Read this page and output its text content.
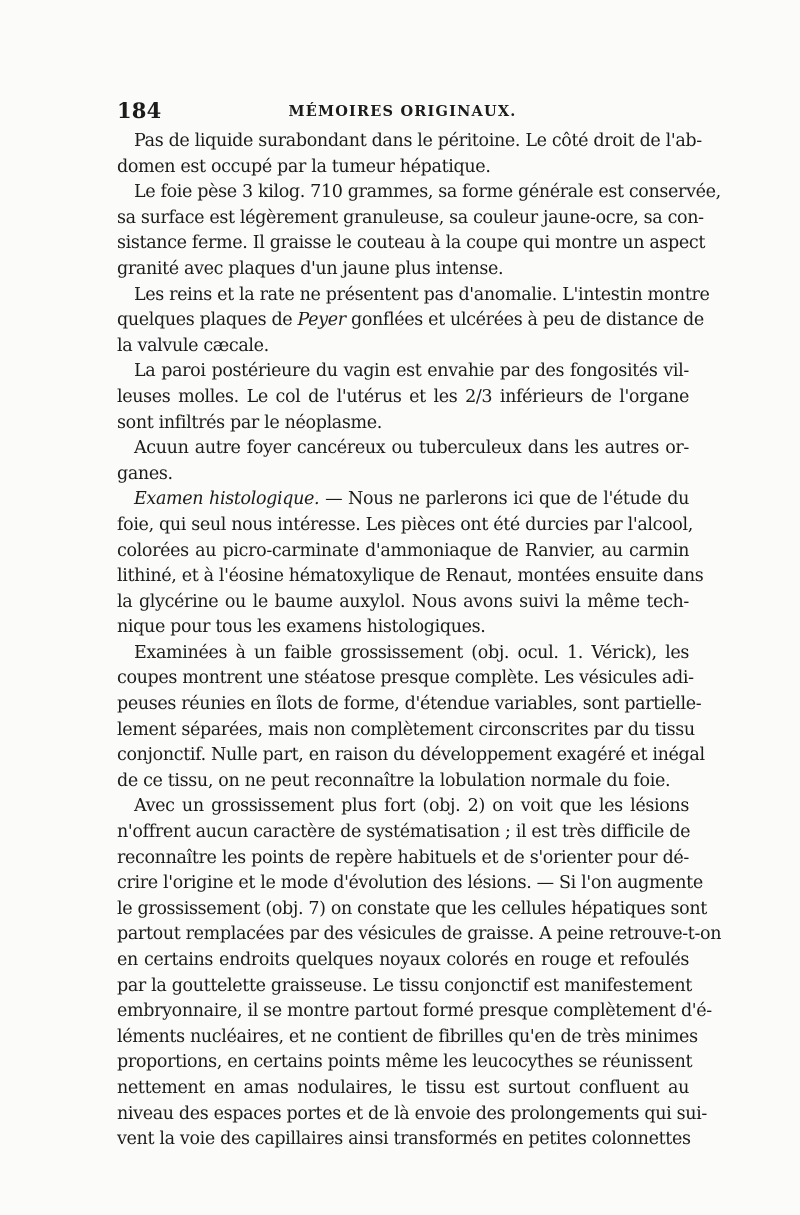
184	MÉMOIRES ORIGINAUX.
Pas de liquide surabondant dans le péritoine. Le côté droit de l'ab-
domen est occupé par la tumeur hépatique.
Le foie pèse 3 kilog. 710 grammes, sa forme générale est conservée,
sa surface est légèrement granuleuse, sa couleur jaune-ocre, sa con-
sistance ferme. Il graisse le couteau à la coupe qui montre un aspect
granité avec plaques d'un jaune plus intense.
Les reins et la rate ne présentent pas d'anomalie. L'intestin montre
quelques plaques de Peyer gonflées et ulcérées à peu de distance de
la valvule cæcale.
La paroi postérieure du vagin est envahie par des fongosités vil-
leuses molles. Le col de l'utérus et les 2/3 inférieurs de l'organe
sont infiltrés par le néoplasme.
Acuun autre foyer cancéreux ou tuberculeux dans les autres or-
ganes.
Examen histologique. — Nous ne parlerons ici que de l'étude du
foie, qui seul nous intéresse. Les pièces ont été durcies par l'alcool,
colorées au picro-carminate d'ammoniaque de Ranvier, au carmin
lithiné, et à l'éosine hématoxylique de Renaut, montées ensuite dans
la glycérine ou le baume auxylol. Nous avons suivi la même tech-
nique pour tous les examens histologiques.
Examinées à un faible grossissement (obj. ocul. 1. Vérick), les
coupes montrent une stéatose presque complète. Les vésicules adi-
peuses réunies en îlots de forme, d'étendue variables, sont partielle-
lement séparées, mais non complètement circonscrites par du tissu
conjonctif. Nulle part, en raison du développement exagéré et inégal
de ce tissu, on ne peut reconnaître la lobulation normale du foie.
Avec un grossissement plus fort (obj. 2) on voit que les lésions
n'offrent aucun caractère de systématisation ; il est très difficile de
reconnaître les points de repère habituels et de s'orienter pour dé-
crire l'origine et le mode d'évolution des lésions. — Si l'on augmente
le grossissement (obj. 7) on constate que les cellules hépatiques sont
partout remplacées par des vésicules de graisse. A peine retrouve-t-on
en certains endroits quelques noyaux colorés en rouge et refoulés
par la gouttelette graisseuse. Le tissu conjonctif est manifestement
embryonnaire, il se montre partout formé presque complètement d'é-
léments nucléaires, et ne contient de fibrilles qu'en de très minimes
proportions, en certains points même les leucocythes se réunissent
nettement en amas nodulaires, le tissu est surtout confluent au
niveau des espaces portes et de là envoie des prolongements qui sui-
vent la voie des capillaires ainsi transformés en petites colonnettes
